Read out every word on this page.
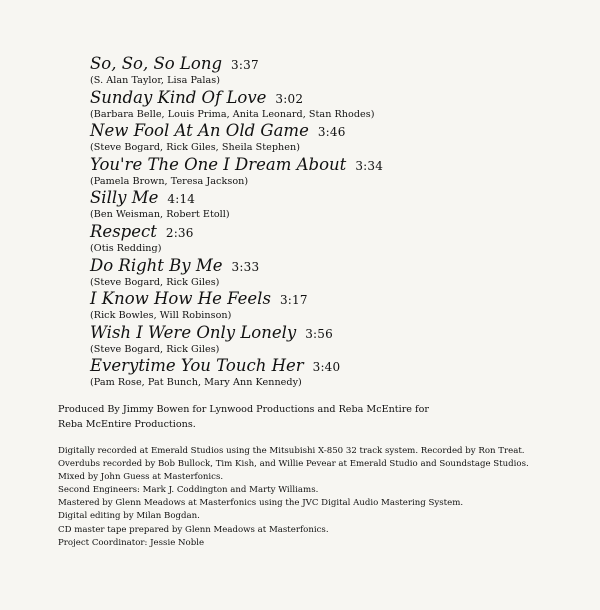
So, So, So Long 3:37
(S. Alan Taylor, Lisa Palas)
Sunday Kind Of Love 3:02
(Barbara Belle, Louis Prima, Anita Leonard, Stan Rhodes)
New Fool At An Old Game 3:46
(Steve Bogard, Rick Giles, Sheila Stephen)
You're The One I Dream About 3:34
(Pamela Brown, Teresa Jackson)
Silly Me 4:14
(Ben Weisman, Robert Etoll)
Respect 2:36
(Otis Redding)
Do Right By Me 3:33
(Steve Bogard, Rick Giles)
I Know How He Feels 3:17
(Rick Bowles, Will Robinson)
Wish I Were Only Lonely 3:56
(Steve Bogard, Rick Giles)
Everytime You Touch Her 3:40
(Pam Rose, Pat Bunch, Mary Ann Kennedy)
Produced By Jimmy Bowen for Lynwood Productions and Reba McEntire for
Reba McEntire Productions.
Digitally recorded at Emerald Studios using the Mitsubishi X-850 32 track system. Recorded by Ron Treat.
Overdubs recorded by Bob Bullock, Tim Kish, and Willie Pevear at Emerald Studio and Soundstage Studios.
Mixed by John Guess at Masterfonics.
Second Engineers: Mark J. Coddington and Marty Williams.
Mastered by Glenn Meadows at Masterfonics using the JVC Digital Audio Mastering System.
Digital editing by Milan Bogdan.
CD master tape prepared by Glenn Meadows at Masterfonics.
Project Coordinator: Jessie Noble
